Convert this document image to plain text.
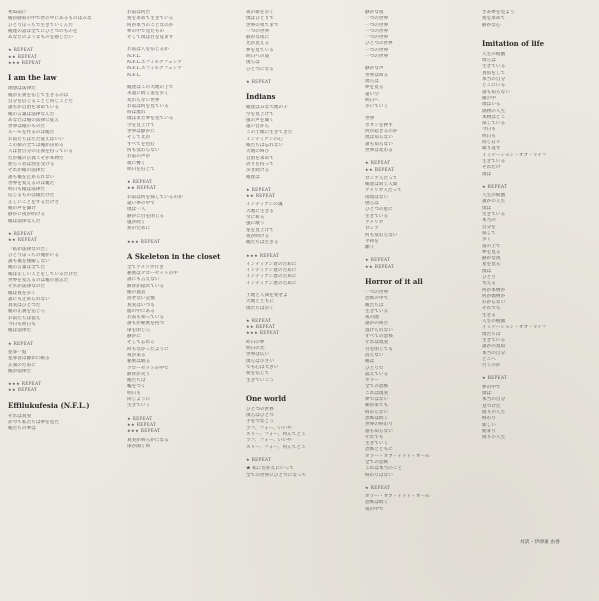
死ぬ前に
俺が静寂の中で世の中にあるものはみな
ひとりぼっちで生きていくんだ
俺達の話は全てにひとつのものを
あなたのようなものを感じたい
★ REPEAT
★★ REPEAT
★★★ REPEAT
I am the law
理想は法律だ
俺が正義を信じて生きるのは
自分を信じることと同じことだ
誰もが自由を求めている
俺の言葉は法律なんだ
あなたは俺の法律に従え
世界は俺のものだ
ルールを作るのは俺だ
お前たちはただ従えばいい
この街の全ては俺が決める
人は皆自分の正義を持っている
だが俺の正義こそが本物だ
逆らう者は罰を受ける
それが俺の法律だ
誰も俺を止められない
世界を変えるのは俺だ
明日も俺は法律だ
信じるものは俺だけだ
正しいことをするだけさ
俺の声を聞け
静かに夜が明ける
俺は法律なんだ
★ REPEAT
★★ REPEAT
「私が法律なのだ」
ひとりぼっちの俺がいる
誰も俺を理解しない
俺の言葉は全てだ
俺は正しいことをしているだけだ
世界を変えるのは俺の意志だ
それが法律なのだ
俺は夜を歩く
誰にも止められない
真実はひとつだ
俺の正義を信じろ
お前たちは従え
今日も明日も
俺は法律だ
★ REPEAT
犯罪一覧
犯罪者は静かに眠る
正義のために
俺が法律だ
★★★ REPEAT
★★ REPEAT
Effilukufesia (N.F.L.)
それは真実
かつて私たちは夢を見た
俺たちの夢は
お前は何だ
愛を求めて生きている
何が本当のことなのか
夢の中で見たもの
そして僕は目を覚ます
お前は人を信じるか
N.F.L.
N.F.L.エフィルクフェシア
N.F.L.エフィルクフェシア
N.F.L.
俺達はこの大地の上で
永遠に続く道を歩く
変わらない世界
お前は何を見ている
時は流れ
僕はまだ夢を見ている
空を見上げて
世界は静かに
そして光が
すべてを包む
何も変わらない
お前の声が
夜に響く
明日を信じて
★ REPEAT
★★ REPEAT
お前は何を探しているのか
遠い夢の中で
僕は一人
静かに目を閉じる
風が吹く
愛のために
★★★ REPEAT
A Skeleton in the closet
全てアメリカ行き
秘密はクローゼットの中
誰にも言えない
骸骨が隠れている
俺の過去
消せない記憶
真実はいつも
闇の中にある
お前も知っている
誰もが秘密を持つ
扉を閉じろ
静かに
そして忘れろ
何もなかったように
夜が来る
秘密は眠る
クローゼットの中で
骸骨が笑う
俺たちは
嘘をつく
明日も
同じように
生きていく
★ REPEAT
★★ REPEAT
★★★ REPEAT
真実が明らかになる
扉が開く時
夜の街を歩く
僕はひとりで
世界の果てまで
一つの世界
静かな夜に
光が見える
夢を見ている
明日への道
僕らは
ひとつになる
★ REPEAT
Indians
俺達はみな大地の子
空を見上げて
風の声を聞く
遠い昔から
この土地に生きてきた
インディアンの心
俺たちは忘れない
大地の叫び
自由を求めて
誇りを持って
歩き続ける
俺達は
★ REPEAT
★★ REPEAT
インディアンの魂
大地に生きる
空に祈る
風に歌う
星を見上げて
夜が明ける
俺たちは生きる
★★★ REPEAT
インディアン達のために
インディアン達のために
インディアン達のために
インディアン達のために
土地と人間を愛せよ
大地とともに
僕たちは歩く
★ REPEAT
★★ REPEAT
★★★ REPEAT
昨日の夢
明日の光
世界は広い
僕らは小さい
でも心は大きい
愛を信じて
生きていこう
One world
ひとつの世界
僕らはひとつ
手をつなごう
ラフ、フォー、いいや
スリー、フォー、何んてとこ
ラフ、フォー、いいや
スリー、フォー、何んてとこ
★ REPEAT
★ 私にむかえにいって
全ての世界にひとつになって
静かな夜
一つの世界
一つの世界
一つの世界
一つの世界
ひとつの世界
一つの世界
一つの世界
静かな声
世界は回る
僕らは
夢を見る
遠い空
明日へ
歩いていく
世界
ボタンを押す
何が起きるのか
僕は知らない
誰も知らない
世界は変わる
★ REPEAT
★★ REPEAT
ロシア人だって
俺達は同じ人間
アメリカ人だって
国境はない
僕らは
ひとつの星に
生きている
アメリカ
ロシア
何も変わらない
平和を
願う
★ REPEAT
★★ REPEAT
Horror of it all
一つの世界
恐怖の中で
俺たちは
生きている
夜の闇
誰かの叫び
逃げられない
すべての恐怖
それは現実
目を閉じても
消えない
俺は
ひとりで
震えている
ホラー
全ての恐怖
これは現実
夢ではない
朝が来ても
終わらない
恐怖は続く
世界の終わり
誰も知らない
それでも
生きていく
恐怖とともに
ホラー・オブ・イット・オール
全ての恐怖
これは本当のこと
終わりはない
★ REPEAT
ホラー・オブ・イット・オール
恐怖は続く
夜の中で
さあ夢を見よう
愛を求めて
静かな心
Imitation of life
人生の模倣
僕らは
生きている
真似をして
本当の自分
どこにいる
誰も知らない
鏡の中
僕はいる
偽物の人生
本物はどこ
探している
今日も
明日も
同じ日々
繰り返す
イミテーション・オブ・ライフ
生きている
それだけ
僕は
★ REPEAT
人生の模倣
誰かの人生
僕は
生きている
本当の
自分を
探して
歩く
道の上で
夢を見る
静かな夜
星を見る
僕は
ひとり
考える
何が本物か
何が偽物か
わからない
それでも
生きる
人生の模倣
イミテーション・オブ・ライフ
僕たちは
生きている
誰かの真似
本当の自分
どこへ
行くのか
★ REPEAT
夢の中で
僕は
本当の自分
見つけた
偽りの人生
終わり
新しい
始まり
偽りの人生
対訳・伊津東 由香
